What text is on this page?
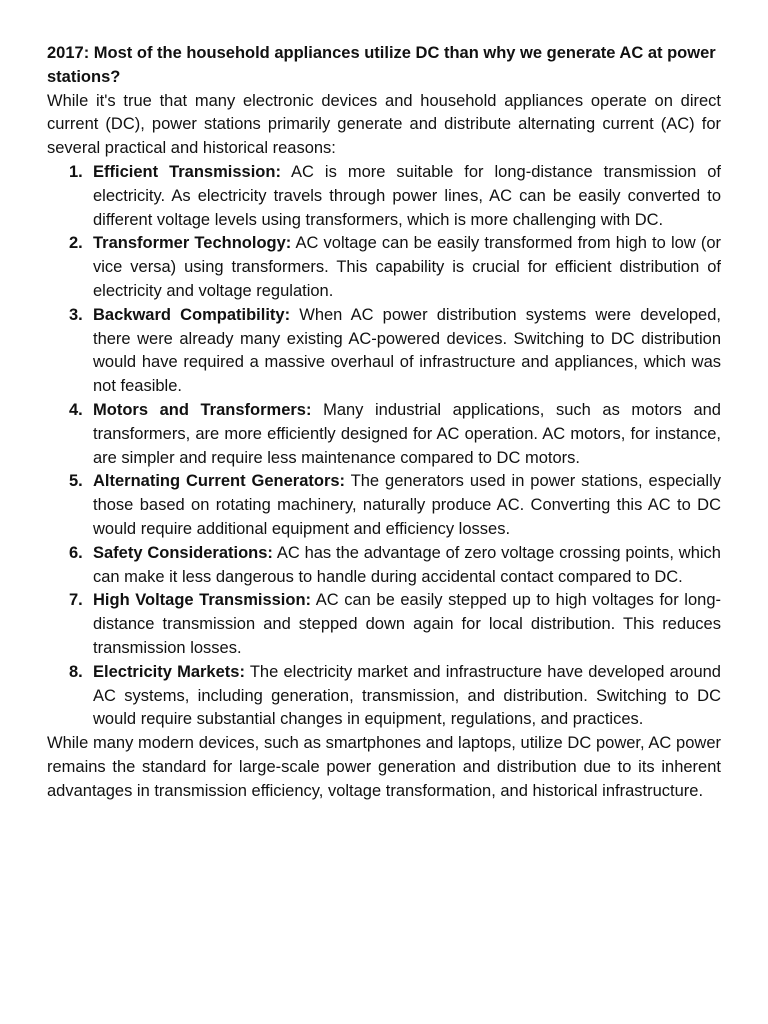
2017: Most of the household appliances utilize DC than why we generate AC at power stations?

While it's true that many electronic devices and household appliances operate on direct current (DC), power stations primarily generate and distribute alternating current (AC) for several practical and historical reasons:

1. Efficient Transmission: AC is more suitable for long-distance transmission of electricity. As electricity travels through power lines, AC can be easily converted to different voltage levels using transformers, which is more challenging with DC.
2. Transformer Technology: AC voltage can be easily transformed from high to low (or vice versa) using transformers. This capability is crucial for efficient distribution of electricity and voltage regulation.
3. Backward Compatibility: When AC power distribution systems were developed, there were already many existing AC-powered devices. Switching to DC distribution would have required a massive overhaul of infrastructure and appliances, which was not feasible.
4. Motors and Transformers: Many industrial applications, such as motors and transformers, are more efficiently designed for AC operation. AC motors, for instance, are simpler and require less maintenance compared to DC motors.
5. Alternating Current Generators: The generators used in power stations, especially those based on rotating machinery, naturally produce AC. Converting this AC to DC would require additional equipment and efficiency losses.
6. Safety Considerations: AC has the advantage of zero voltage crossing points, which can make it less dangerous to handle during accidental contact compared to DC.
7. High Voltage Transmission: AC can be easily stepped up to high voltages for long-distance transmission and stepped down again for local distribution. This reduces transmission losses.
8. Electricity Markets: The electricity market and infrastructure have developed around AC systems, including generation, transmission, and distribution. Switching to DC would require substantial changes in equipment, regulations, and practices.

While many modern devices, such as smartphones and laptops, utilize DC power, AC power remains the standard for large-scale power generation and distribution due to its inherent advantages in transmission efficiency, voltage transformation, and historical infrastructure.
